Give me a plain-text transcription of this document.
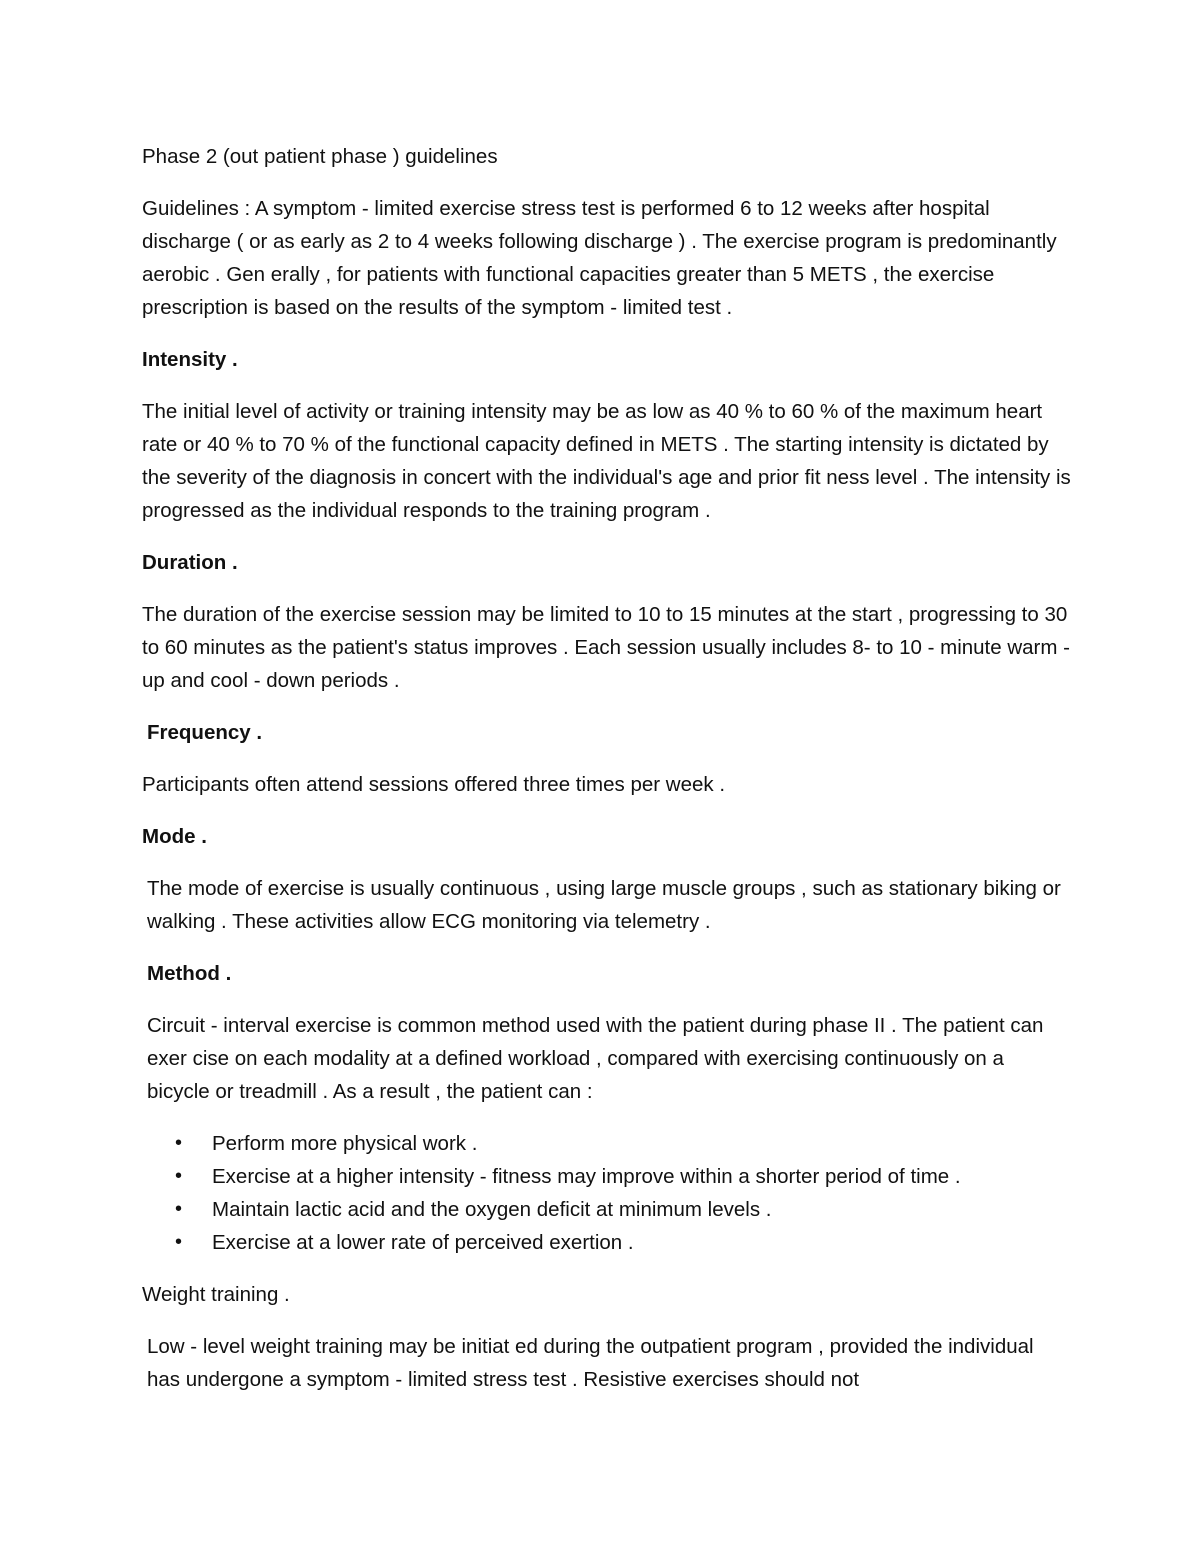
Phase 2 (out patient phase ) guidelines

Guidelines : A symptom - limited exercise stress test is performed 6 to 12 weeks after hospital discharge ( or as early as 2 to 4 weeks following discharge ) . The exercise program is predominantly aerobic . Gen erally , for patients with functional capacities greater than 5 METS , the exercise prescription is based on the results of the symptom - limited test .

Intensity .

The initial level of activity or training intensity may be as low as 40 % to 60 % of the maximum heart rate or 40 % to 70 % of the functional capacity defined in METS . The starting intensity is dictated by the severity of the diagnosis in concert with the individual's age and prior fit ness level . The intensity is progressed as the individual responds to the training program .

Duration .

The duration of the exercise session may be limited to 10 to 15 minutes at the start , progressing to 30 to 60 minutes as the patient's status improves . Each session usually includes 8- to 10 - minute warm - up and cool - down periods .

Frequency .

Participants often attend sessions offered three times per week .

Mode .

The mode of exercise is usually continuous , using large muscle groups , such as stationary biking or walking . These activities allow ECG monitoring via telemetry .

Method .

Circuit - interval exercise is common method used with the patient during phase II . The patient can exer cise on each modality at a defined workload , compared with exercising continuously on a bicycle or treadmill . As a result , the patient can :

• Perform more physical work .
• Exercise at a higher intensity - fitness may improve within a shorter period of time .
• Maintain lactic acid and the oxygen deficit at minimum levels .
• Exercise at a lower rate of perceived exertion .

Weight training .

Low - level weight training may be initiat ed during the outpatient program , provided the individual has undergone a symptom - limited stress test . Resistive exercises should not
